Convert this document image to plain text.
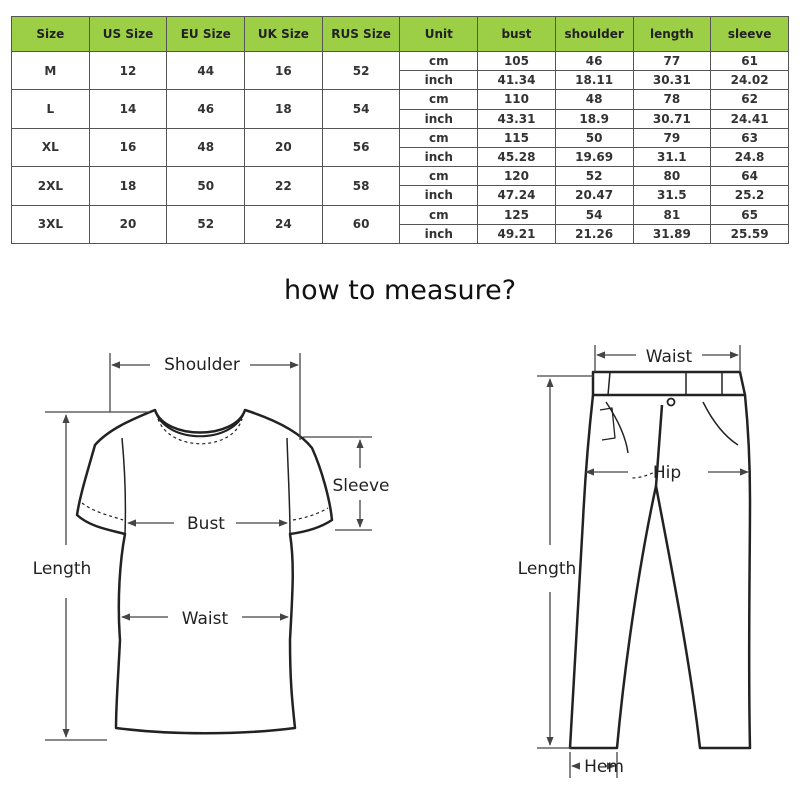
Size	US Size	EU Size	UK Size	RUS Size	Unit	bust	shoulder	length	sleeve
M	12	44	16	52	cm	105	46	77	61
					inch	41.34	18.11	30.31	24.02
L	14	46	18	54	cm	110	48	78	62
					inch	43.31	18.9	30.71	24.41
XL	16	48	20	56	cm	115	50	79	63
					inch	45.28	19.69	31.1	24.8
2XL	18	50	22	58	cm	120	52	80	64
					inch	47.24	20.47	31.5	25.2
3XL	20	52	24	60	cm	125	54	81	65
					inch	49.21	21.26	31.89	25.59
how to measure?
Shoulder
Sleeve
Bust
Length
Waist
Waist
Hip
Length
Hem
